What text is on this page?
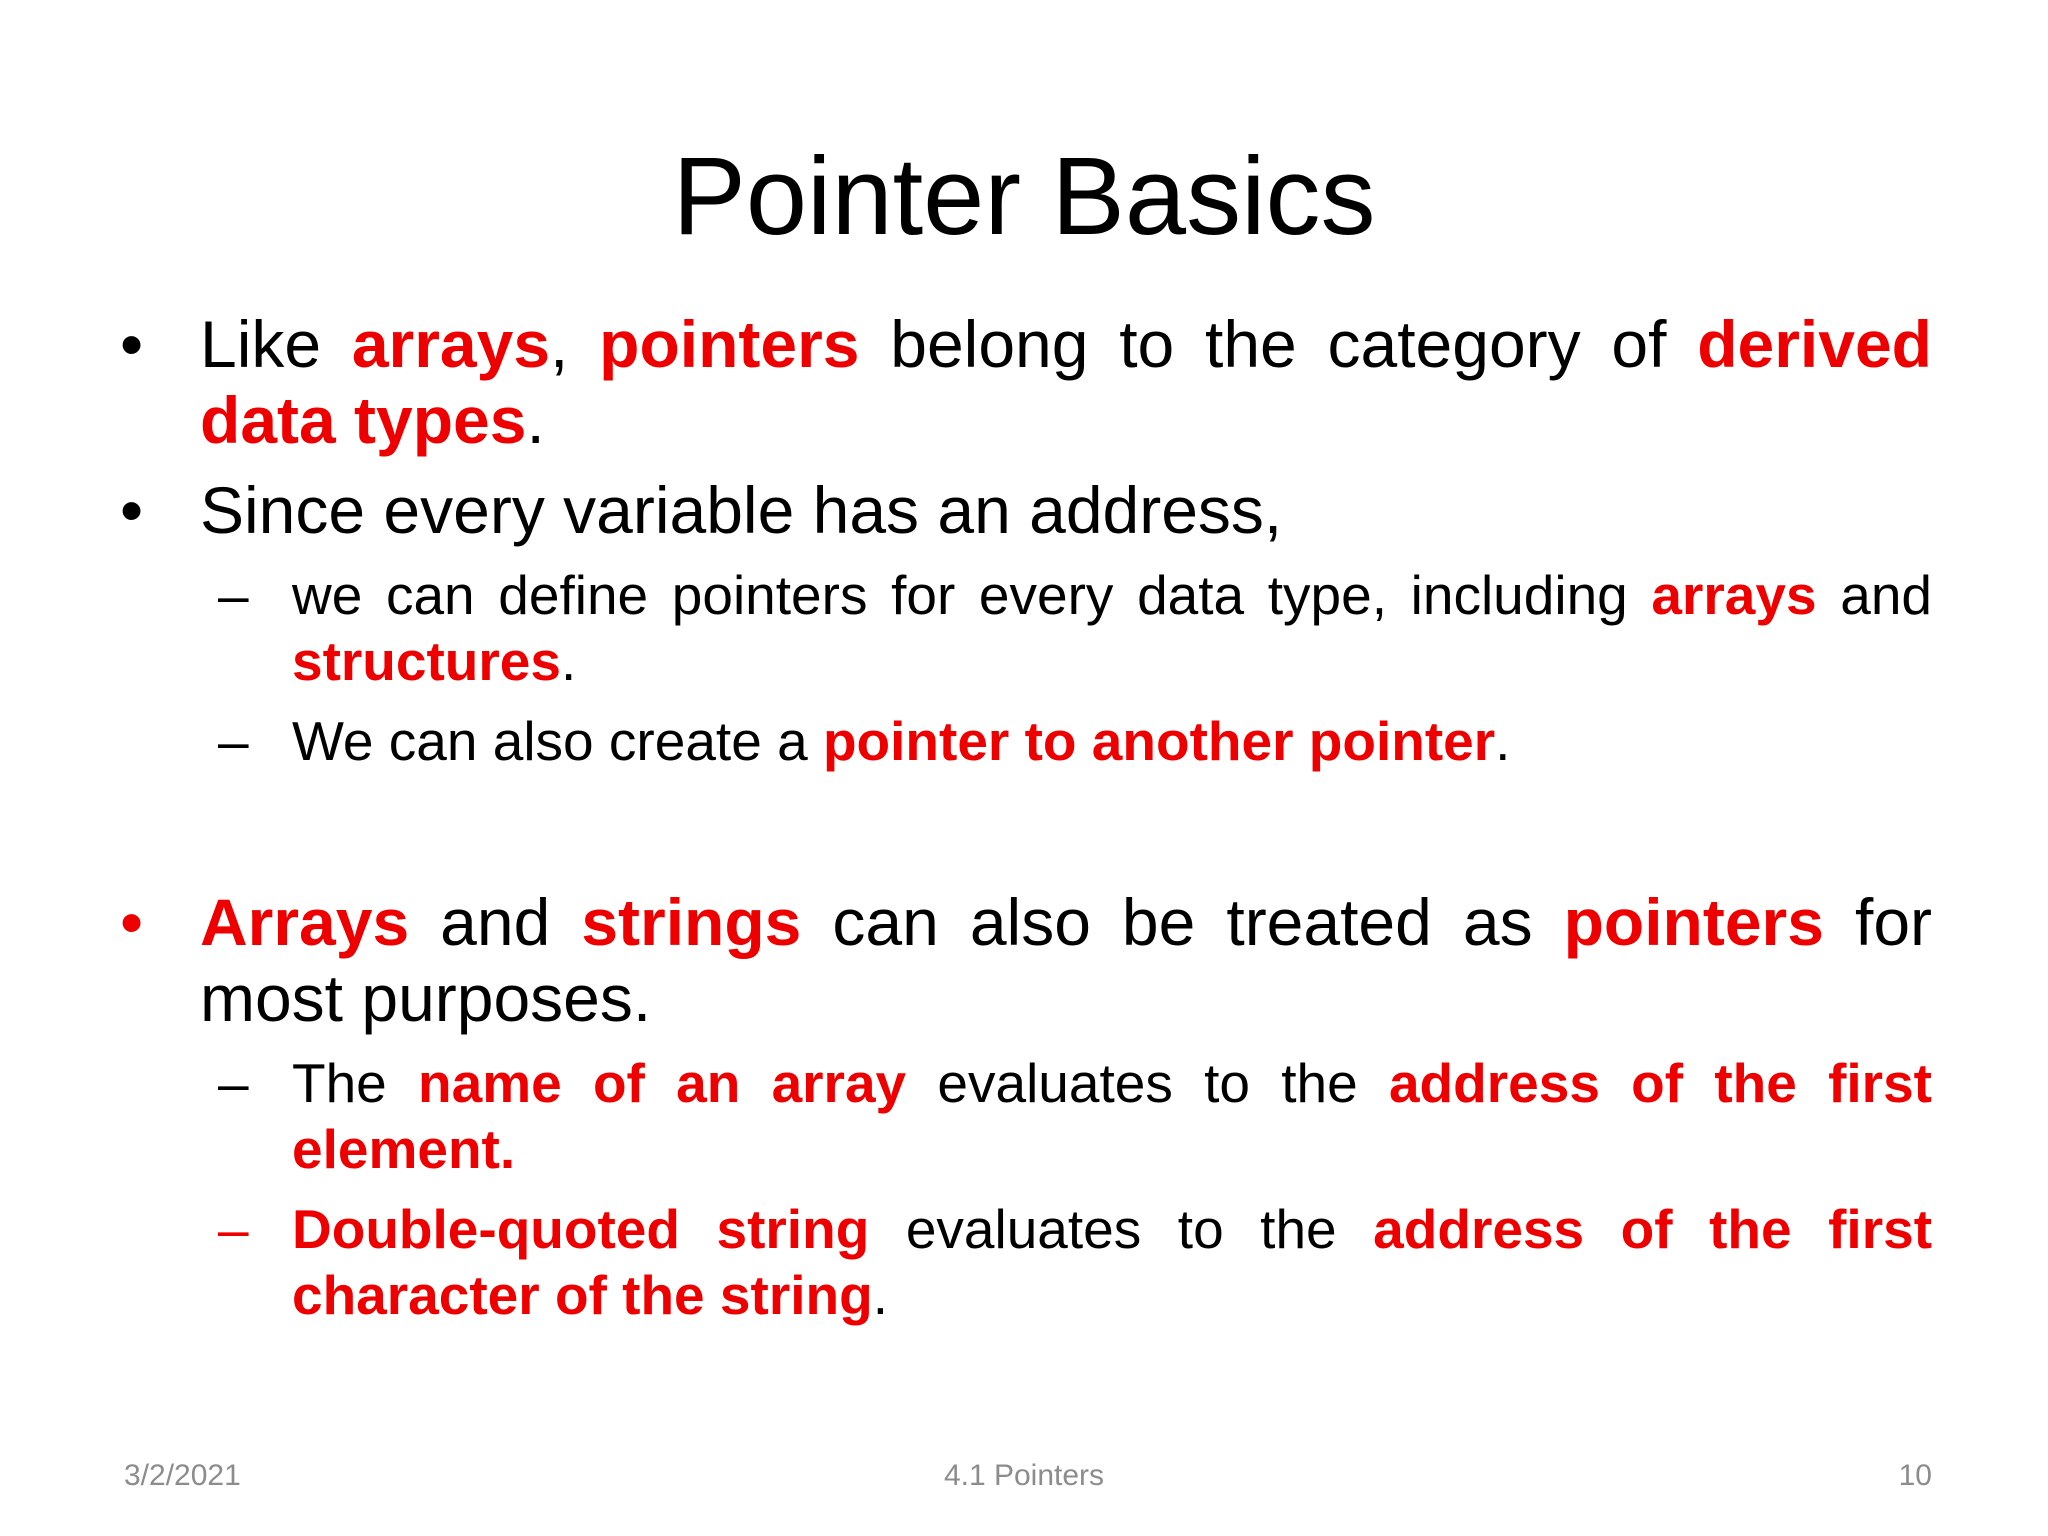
Pointer Basics
• Like arrays, pointers belong to the category of derived data types.
• Since every variable has an address,
– we can define pointers for every data type, including arrays and structures.
– We can also create a pointer to another pointer.
• Arrays and strings can also be treated as pointers for most purposes.
– The name of an array evaluates to the address of the first element.
– Double-quoted string evaluates to the address of the first character of the string.
3/2/2021	4.1 Pointers	10
